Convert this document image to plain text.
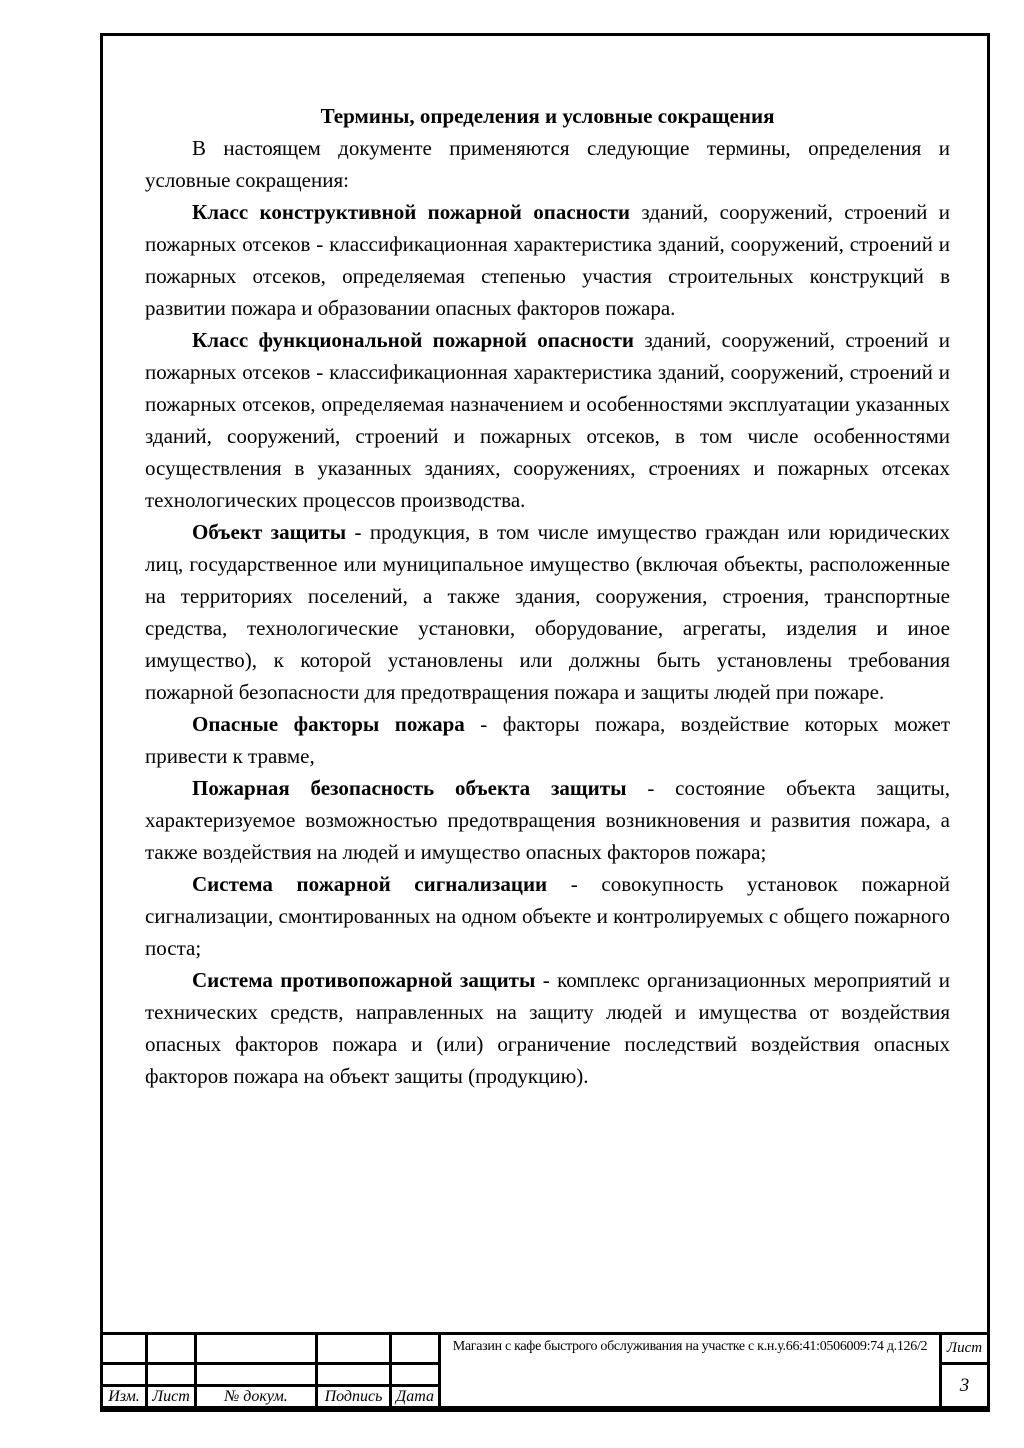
Термины, определения и условные сокращения

В настоящем документе применяются следующие термины, определения и условные сокращения:

Класс конструктивной пожарной опасности зданий, сооружений, строений и пожарных отсеков - классификационная характеристика зданий, сооружений, строений и пожарных отсеков, определяемая степенью участия строительных конструкций в развитии пожара и образовании опасных факторов пожара.

Класс функциональной пожарной опасности зданий, сооружений, строений и пожарных отсеков - классификационная характеристика зданий, сооружений, строений и пожарных отсеков, определяемая назначением и особенностями эксплуатации указанных зданий, сооружений, строений и пожарных отсеков, в том числе особенностями осуществления в указанных зданиях, сооружениях, строениях и пожарных отсеках технологических процессов производства.

Объект защиты - продукция, в том числе имущество граждан или юридических лиц, государственное или муниципальное имущество (включая объекты, расположенные на территориях поселений, а также здания, сооружения, строения, транспортные средства, технологические установки, оборудование, агрегаты, изделия и иное имущество), к которой установлены или должны быть установлены требования пожарной безопасности для предотвращения пожара и защиты людей при пожаре.

Опасные факторы пожара - факторы пожара, воздействие которых может привести к травме,

Пожарная безопасность объекта защиты - состояние объекта защиты, характеризуемое возможностью предотвращения возникновения и развития пожара, а также воздействия на людей и имущество опасных факторов пожара;

Система пожарной сигнализации - совокупность установок пожарной сигнализации, смонтированных на одном объекте и контролируемых с общего пожарного поста;

Система противопожарной защиты - комплекс организационных мероприятий и технических средств, направленных на защиту людей и имущества от воздействия опасных факторов пожара и (или) ограничение последствий воздействия опасных факторов пожара на объект защиты (продукцию).

Изм. Лист № докум. Подпись Дата
Магазин с кафе быстрого обслуживания на участке с к.н.у.66:41:0506009:74 д.126/2 Лист
3
